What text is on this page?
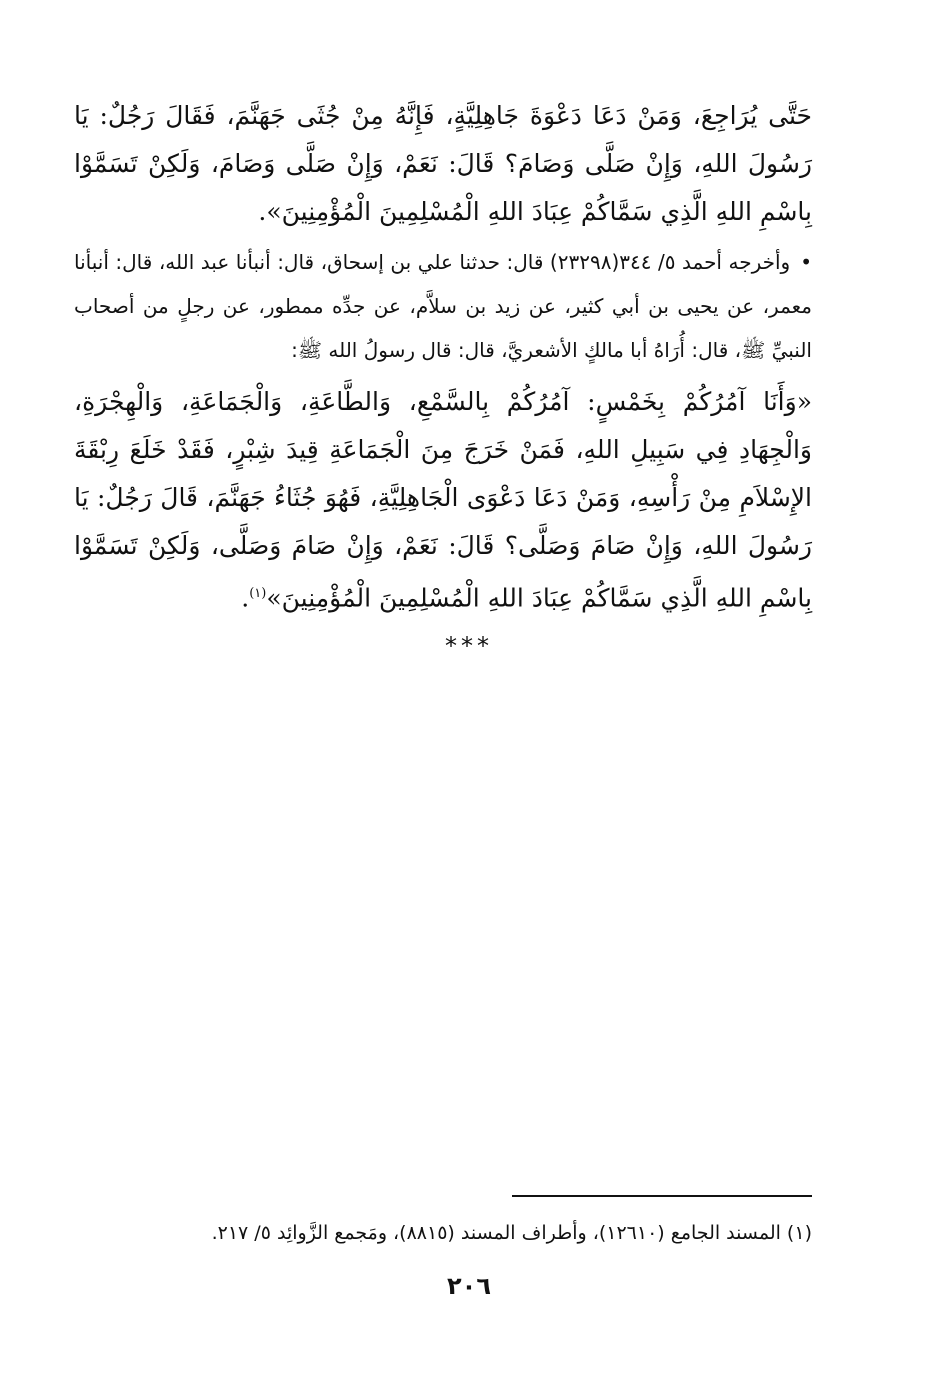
حَتَّى يُرَاجِعَ، وَمَنْ دَعَا دَعْوَةَ جَاهِلِيَّةٍ، فَإِنَّهُ مِنْ جُثَى جَهَنَّمَ، فَقَالَ رَجُلٌ: يَا رَسُولَ اللهِ، وَإِنْ صَلَّى وَصَامَ؟ قَالَ: نَعَمْ، وَإِنْ صَلَّى وَصَامَ، وَلَكِنْ تَسَمَّوْا بِاسْمِ اللهِ الَّذِي سَمَّاكُمْ عِبَادَ اللهِ الْمُسْلِمِينَ الْمُؤْمِنِينَ».

•وأخرجه أحمد ٥/ ٣٤٤(٢٣٢٩٨) قال: حدثنا علي بن إسحاق، قال: أنبأنا عبد الله، قال: أنبأنا معمر، عن يحيى بن أبي كثير، عن زيد بن سلاَّم، عن جدِّه ممطور، عن رجلٍ من أصحاب النبيِّ ﷺ، قال: أُرَاهُ أبا مالكٍ الأشعريَّ، قال: قال رسولُ الله ﷺ:

«وَأَنَا آمُرُكُمْ بِخَمْسٍ: آمُرُكُمْ بِالسَّمْعِ، وَالطَّاعَةِ، وَالْجَمَاعَةِ، وَالْهِجْرَةِ، وَالْجِهَادِ فِي سَبِيلِ اللهِ، فَمَنْ خَرَجَ مِنَ الْجَمَاعَةِ قِيدَ شِبْرٍ، فَقَدْ خَلَعَ رِبْقَةَ الإِسْلاَمِ مِنْ رَأْسِهِ، وَمَنْ دَعَا دَعْوَى الْجَاهِلِيَّةِ، فَهُوَ جُثَاءُ جَهَنَّمَ، قَالَ رَجُلٌ: يَا رَسُولَ اللهِ، وَإِنْ صَامَ وَصَلَّى؟ قَالَ: نَعَمْ، وَإِنْ صَامَ وَصَلَّى، وَلَكِنْ تَسَمَّوْا بِاسْمِ اللهِ الَّذِي سَمَّاكُمْ عِبَادَ اللهِ الْمُسْلِمِينَ الْمُؤْمِنِينَ»$^{(١)}$.

***
(١) المسند الجامع (١٢٦١٠)، وأطراف المسند (٨٨١٥)، ومَجمع الزَّوائِد ٥/ ٢١٧.
٢٠٦
